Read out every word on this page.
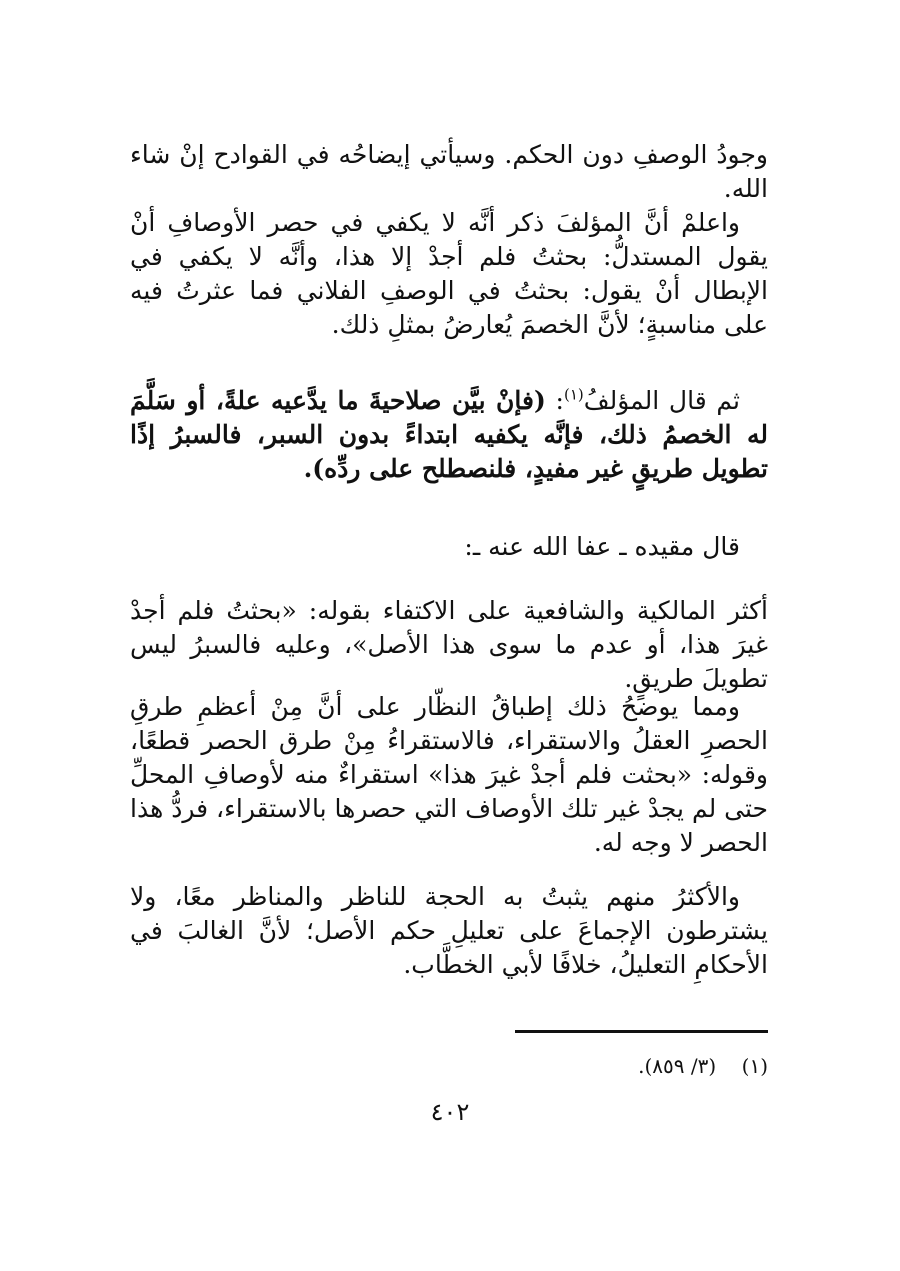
وجودُ الوصفِ دون الحكم. وسيأتي إيضاحُه في القوادح إنْ شاء الله.

واعلمْ أنَّ المؤلفَ ذكر أنَّه لا يكفي في حصر الأوصافِ أنْ يقول المستدلُّ: بحثتُ فلم أجدْ إلا هذا، وأنَّه لا يكفي في الإبطال أنْ يقول: بحثتُ في الوصفِ الفلاني فما عثرتُ فيه على مناسبةٍ؛ لأنَّ الخصمَ يُعارضُ بمثلِ ذلك.

ثم قال المؤلفُ$^{(١)}$: (فإنْ بيَّن صلاحيةَ ما يدَّعيه علةً، أو سَلَّمَ له الخصمُ ذلك، فإنَّه يكفيه ابتداءً بدون السبر، فالسبرُ إذًا تطويل طريقٍ غير مفيدٍ، فلنصطلح على ردِّه).

قال مقيده ـ عفا الله عنه ـ:

أكثر المالكية والشافعية على الاكتفاء بقوله: «بحثتُ فلم أجدْ غيرَ هذا، أو عدم ما سوى هذا الأصل»، وعليه فالسبرُ ليس تطويلَ طريقٍ.

ومما يوضحُ ذلك إطباقُ النظّار على أنَّ مِنْ أعظمِ طرقِ الحصرِ العقلُ والاستقراء، فالاستقراءُ مِنْ طرق الحصر قطعًا، وقوله: «بحثت فلم أجدْ غيرَ هذا» استقراءٌ منه لأوصافِ المحلِّ حتى لم يجدْ غير تلك الأوصاف التي حصرها بالاستقراء، فردُّ هذا الحصر لا وجه له.

والأكثرُ منهم يثبتُ به الحجة للناظر والمناظر معًا، ولا يشترطون الإجماعَ على تعليلِ حكم الأصل؛ لأنَّ الغالبَ في الأحكامِ التعليلُ، خلافًا لأبي الخطَّاب.

(١)    (٣/ ٨٥٩).
٤٠٢
